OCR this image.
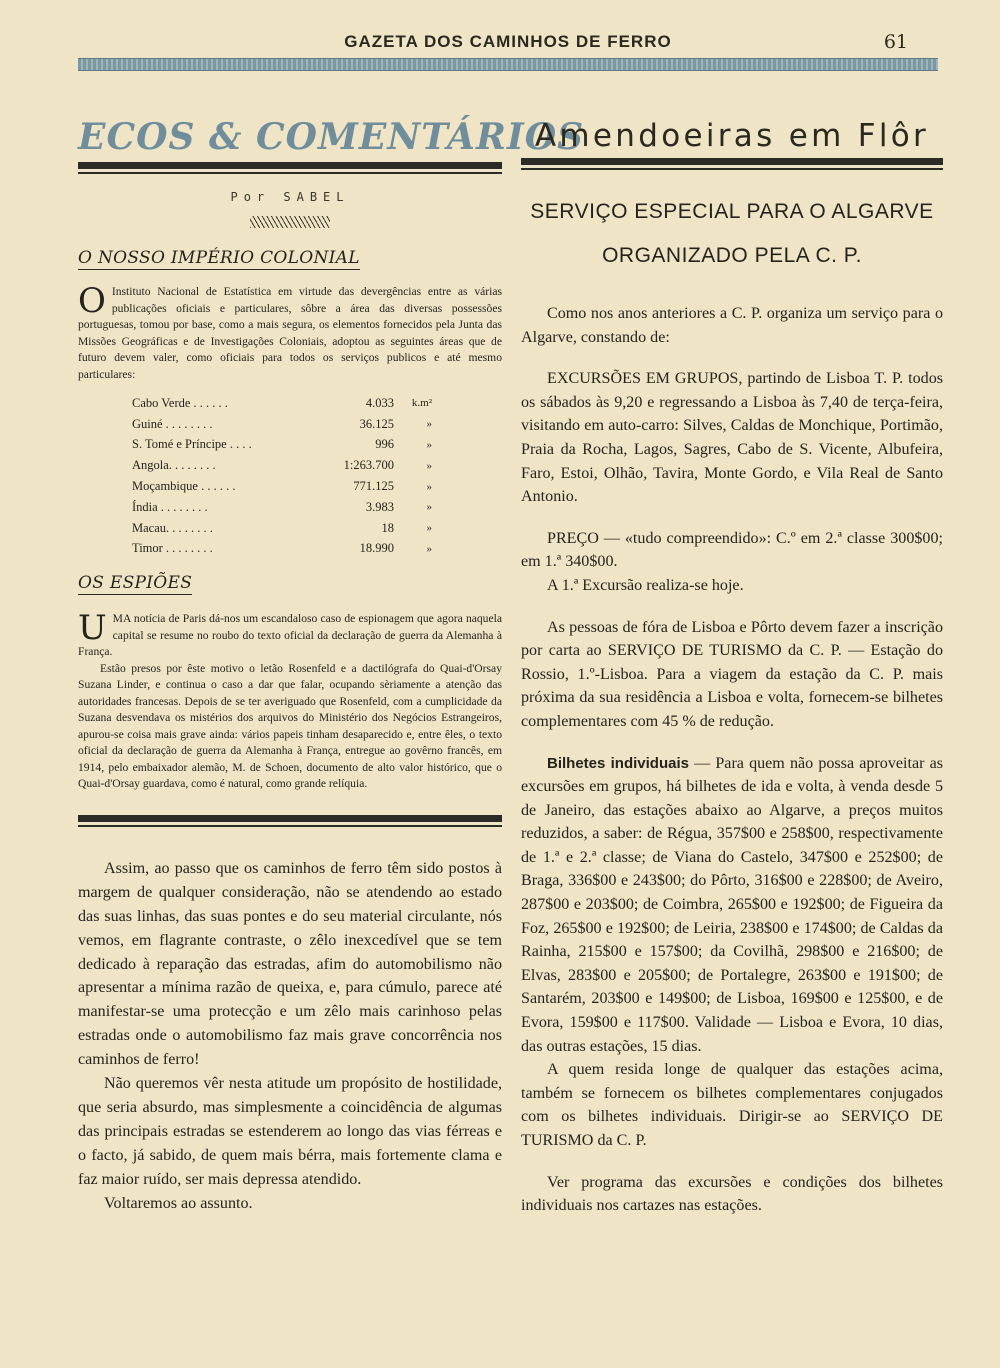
GAZETA DOS CAMINHOS DE FERRO	61
ECOS & COMENTÁRIOS
Por SABEL
O NOSSO IMPÉRIO COLONIAL

O Instituto Nacional de Estatística em virtude das devergências entre as várias publicações oficiais e particulares, sôbre a área das diversas possessões portuguesas, tomou por base, como a mais segura, os elementos fornecidos pela Junta das Missões Geográficas e de Investigações Coloniais, adoptou as seguintes áreas que de futuro devem valer, como oficiais para todos os serviços publicos e até mesmo particulares:

Cabo Verde . . . . . .	4.033	k.m²
Guiné . . . . . . . .	36.125	»
S. Tomé e Príncipe . . . .	996	»
Angola. . . . . . . .	1:263.700	»
Moçambique . . . . . .	771.125	»
Índia . . . . . . . .	3.983	»
Macau. . . . . . . .	18	»
Timor . . . . . . . .	18.990	»
OS ESPIÕES

UMA notícia de Paris dá-nos um escandaloso caso de espionagem que agora naquela capital se resume no roubo do texto oficial da declaração de guerra da Alemanha à França.

Estão presos por êste motivo o letão Rosenfeld e a dactilógrafa do Quai-d'Orsay Suzana Linder, e continua o caso a dar que falar, ocupando sèriamente a atenção das autoridades francesas. Depois de se ter averiguado que Rosenfeld, com a cumplicidade da Suzana desvendava os mistérios dos arquivos do Ministério dos Negócios Estrangeiros, apurou-se coisa mais grave ainda: vários papeis tinham desaparecido e, entre êles, o texto oficial da declaração de guerra da Alemanha à França, entregue ao govêrno francês, em 1914, pelo embaixador alemão, M. de Schoen, documento de alto valor histórico, que o Quai-d'Orsay guardava, como é natural, como grande relíquia.

Assim, ao passo que os caminhos de ferro têm sido postos à margem de qualquer consideração, não se atendendo ao estado das suas linhas, das suas pontes e do seu material circulante, nós vemos, em flagrante contraste, o zêlo inexcedível que se tem dedicado à reparação das estradas, afim do automobilismo não apresentar a mínima razão de queixa, e, para cúmulo, parece até manifestar-se uma protecção e um zêlo mais carinhoso pelas estradas onde o automobilismo faz mais grave concorrência nos caminhos de ferro!

Não queremos vêr nesta atitude um propósito de hostilidade, que seria absurdo, mas simplesmente a coincidência de algumas das principais estradas se estenderem ao longo das vias férreas e o facto, já sabido, de quem mais bérra, mais fortemente clama e faz maior ruído, ser mais depressa atendido.

Voltaremos ao assunto.

Amendoeiras em Flôr
SERVIÇO ESPECIAL PARA O ALGARVE
ORGANIZADO PELA C. P.

Como nos anos anteriores a C. P. organiza um serviço para o Algarve, constando de:

EXCURSÕES EM GRUPOS, partindo de Lisboa T. P. todos os sábados às 9,20 e regressando a Lisboa às 7,40 de terça-feira, visitando em auto-carro: Silves, Caldas de Monchique, Portimão, Praia da Rocha, Lagos, Sagres, Cabo de S. Vicente, Albufeira, Faro, Estoi, Olhão, Tavira, Monte Gordo, e Vila Real de Santo Antonio.

PREÇO — «tudo compreendido»: C.º em 2.ª classe 300$00; em 1.ª 340$00.

A 1.ª Excursão realiza-se hoje.

As pessoas de fóra de Lisboa e Pôrto devem fazer a inscrição por carta ao SERVIÇO DE TURISMO da C. P. — Estação do Rossio, 1.º-Lisboa. Para a viagem da estação da C. P. mais próxima da sua residência a Lisboa e volta, fornecem-se bilhetes complementares com 45 % de redução.

Bilhetes individuais — Para quem não possa aproveitar as excursões em grupos, há bilhetes de ida e volta, à venda desde 5 de Janeiro, das estações abaixo ao Algarve, a preços muitos reduzidos, a saber: de Régua, 357$00 e 258$00, respectivamente de 1.ª e 2.ª classe; de Viana do Castelo, 347$00 e 252$00; de Braga, 336$00 e 243$00; do Pôrto, 316$00 e 228$00; de Aveiro, 287$00 e 203$00; de Coimbra, 265$00 e 192$00; de Figueira da Foz, 265$00 e 192$00; de Leiria, 238$00 e 174$00; de Caldas da Rainha, 215$00 e 157$00; da Covilhã, 298$00 e 216$00; de Elvas, 283$00 e 205$00; de Portalegre, 263$00 e 191$00; de Santarém, 203$00 e 149$00; de Lisboa, 169$00 e 125$00, e de Evora, 159$00 e 117$00. Validade — Lisboa e Evora, 10 dias, das outras estações, 15 dias.

A quem resida longe de qualquer das estações acima, também se fornecem os bilhetes complementares conjugados com os bilhetes individuais. Dirigir-se ao SERVIÇO DE TURISMO da C. P.

Ver programa das excursões e condições dos bilhetes individuais nos cartazes nas estações.
